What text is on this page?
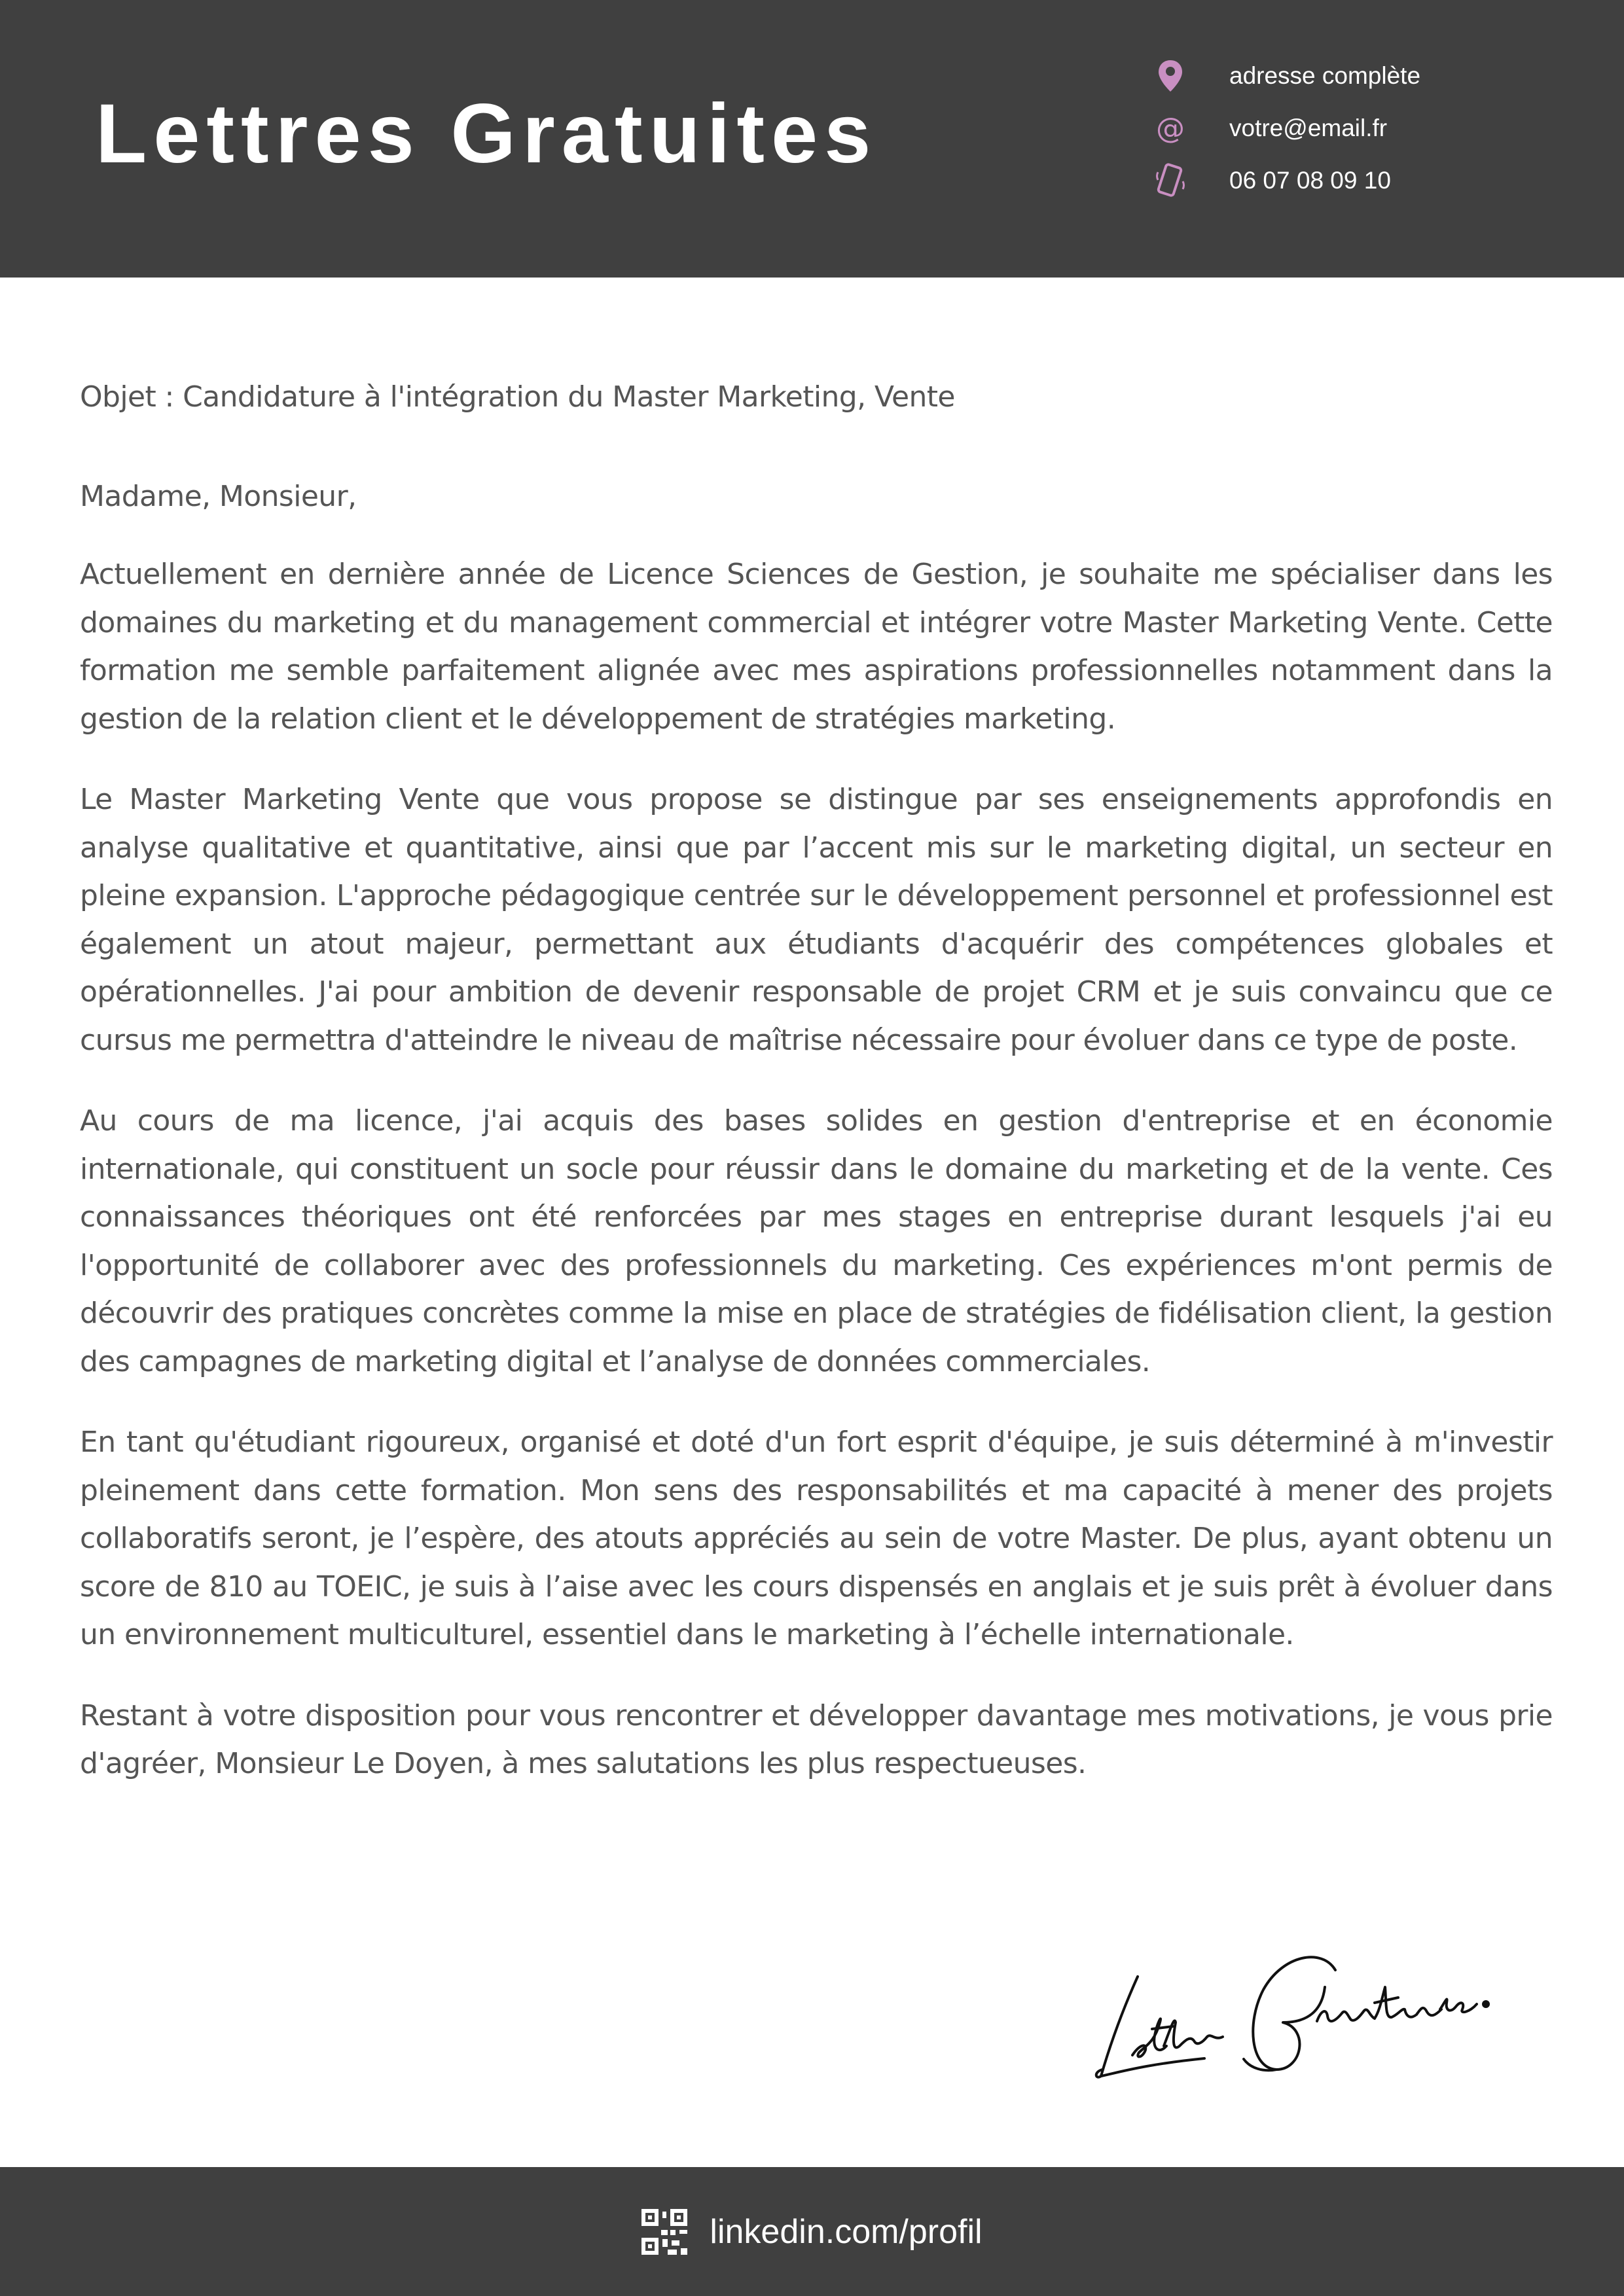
Lettres Gratuites
adresse complète
@ votre@email.fr
06 07 08 09 10

Objet : Candidature à l'intégration du Master Marketing, Vente

Madame, Monsieur,

Actuellement en dernière année de Licence Sciences de Gestion, je souhaite me spécialiser dans les domaines du marketing et du management commercial et intégrer votre Master Marketing Vente. Cette formation me semble parfaitement alignée avec mes aspirations professionnelles notamment dans la gestion de la relation client et le développement de stratégies marketing.

Le Master Marketing Vente que vous propose se distingue par ses enseignements approfondis en analyse qualitative et quantitative, ainsi que par l’accent mis sur le marketing digital, un secteur en pleine expansion. L'approche pédagogique centrée sur le développement personnel et professionnel est également un atout majeur, permettant aux étudiants d'acquérir des compétences globales et opérationnelles. J'ai pour ambition de devenir responsable de projet CRM et je suis convaincu que ce cursus me permettra d'atteindre le niveau de maîtrise nécessaire pour évoluer dans ce type de poste.

Au cours de ma licence, j'ai acquis des bases solides en gestion d'entreprise et en économie internationale, qui constituent un socle pour réussir dans le domaine du marketing et de la vente. Ces connaissances théoriques ont été renforcées par mes stages en entreprise durant lesquels j'ai eu l'opportunité de collaborer avec des professionnels du marketing. Ces expériences m'ont permis de découvrir des pratiques concrètes comme la mise en place de stratégies de fidélisation client, la gestion des campagnes de marketing digital et l’analyse de données commerciales.

En tant qu'étudiant rigoureux, organisé et doté d'un fort esprit d'équipe, je suis déterminé à m'investir pleinement dans cette formation. Mon sens des responsabilités et ma capacité à mener des projets collaboratifs seront, je l’espère, des atouts appréciés au sein de votre Master. De plus, ayant obtenu un score de 810 au TOEIC, je suis à l’aise avec les cours dispensés en anglais et je suis prêt à évoluer dans un environnement multiculturel, essentiel dans le marketing à l’échelle internationale.

Restant à votre disposition pour vous rencontrer et développer davantage mes motivations, je vous prie d'agréer, Monsieur Le Doyen, à mes salutations les plus respectueuses.

linkedin.com/profil
